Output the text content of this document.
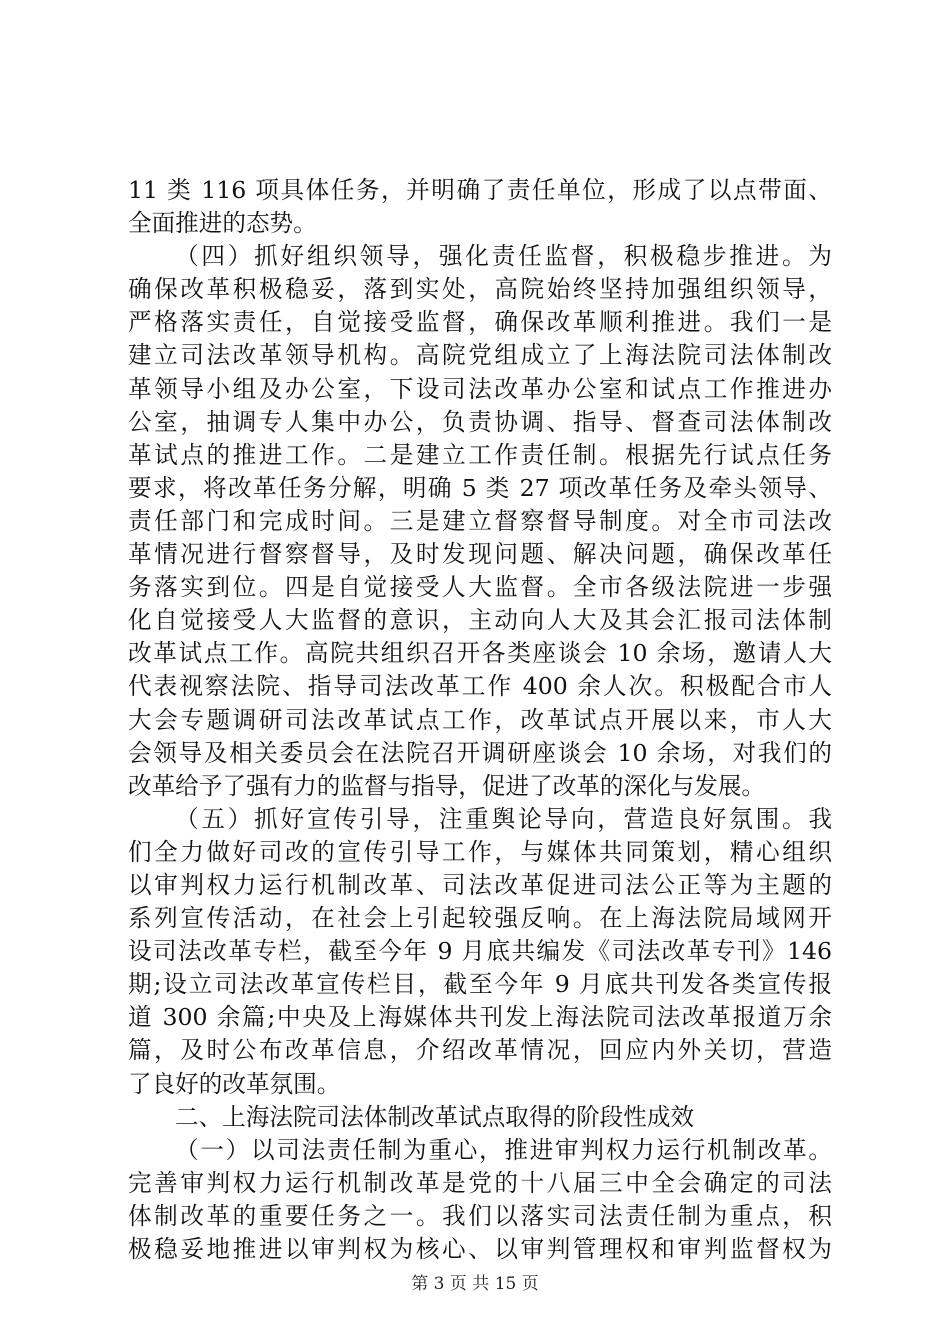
11 类 116 项具体任务，并明确了责任单位，形成了以点带面、
全面推进的态势。
（四）抓好组织领导，强化责任监督，积极稳步推进。为
确保改革积极稳妥，落到实处，高院始终坚持加强组织领导，
严格落实责任，自觉接受监督，确保改革顺利推进。我们一是
建立司法改革领导机构。高院党组成立了上海法院司法体制改
革领导小组及办公室，下设司法改革办公室和试点工作推进办
公室，抽调专人集中办公，负责协调、指导、督查司法体制改
革试点的推进工作。二是建立工作责任制。根据先行试点任务
要求，将改革任务分解，明确 5 类 27 项改革任务及牵头领导、
责任部门和完成时间。三是建立督察督导制度。对全市司法改
革情况进行督察督导，及时发现问题、解决问题，确保改革任
务落实到位。四是自觉接受人大监督。全市各级法院进一步强
化自觉接受人大监督的意识，主动向人大及其会汇报司法体制
改革试点工作。高院共组织召开各类座谈会 10 余场，邀请人大
代表视察法院、指导司法改革工作 400 余人次。积极配合市人
大会专题调研司法改革试点工作，改革试点开展以来，市人大
会领导及相关委员会在法院召开调研座谈会 10 余场，对我们的
改革给予了强有力的监督与指导，促进了改革的深化与发展。
（五）抓好宣传引导，注重舆论导向，营造良好氛围。我
们全力做好司改的宣传引导工作，与媒体共同策划，精心组织
以审判权力运行机制改革、司法改革促进司法公正等为主题的
系列宣传活动，在社会上引起较强反响。在上海法院局域网开
设司法改革专栏，截至今年 9 月底共编发《司法改革专刊》146
期;设立司法改革宣传栏目，截至今年 9 月底共刊发各类宣传报
道 300 余篇;中央及上海媒体共刊发上海法院司法改革报道万余
篇，及时公布改革信息，介绍改革情况，回应内外关切，营造
了良好的改革氛围。
二、上海法院司法体制改革试点取得的阶段性成效
（一）以司法责任制为重心，推进审判权力运行机制改革。
完善审判权力运行机制改革是党的十八届三中全会确定的司法
体制改革的重要任务之一。我们以落实司法责任制为重点，积
极稳妥地推进以审判权为核心、以审判管理权和审判监督权为
第 3 页 共 15 页
